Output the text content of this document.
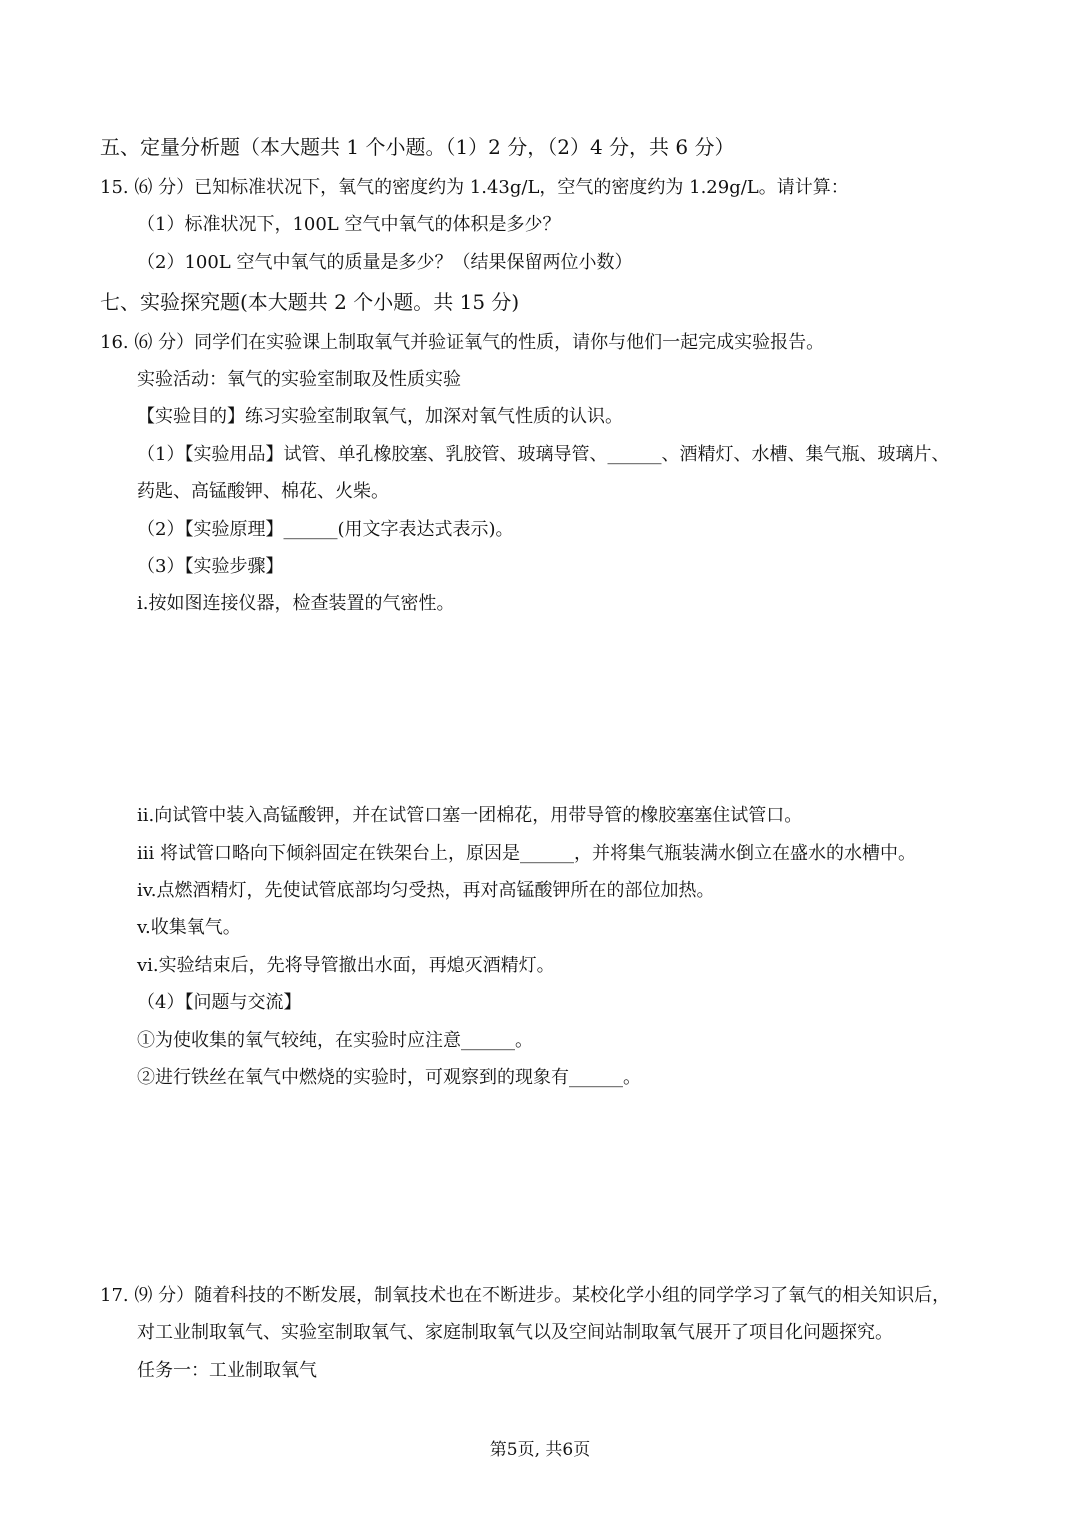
五、定量分析题（本大题共 1 个小题。（1）2 分，（2）4 分，共 6 分）
15. ⑹ 分）已知标准状况下，氧气的密度约为 1.43g/L，空气的密度约为 1.29g/L。请计算：
（1）标准状况下，100L 空气中氧气的体积是多少？
（2）100L 空气中氧气的质量是多少？（结果保留两位小数）
七、实验探究题(本大题共 2 个小题。共 15 分)
16. ⑹ 分）同学们在实验课上制取氧气并验证氧气的性质，请你与他们一起完成实验报告。
实验活动：氧气的实验室制取及性质实验
【实验目的】练习实验室制取氧气，加深对氧气性质的认识。
（1）【实验用品】试管、单孔橡胶塞、乳胶管、玻璃导管、______、酒精灯、水槽、集气瓶、玻璃片、
药匙、高锰酸钾、棉花、火柴。
（2）【实验原理】______(用文字表达式表示)。
（3）【实验步骤】
i.按如图连接仪器，检查装置的气密性。
ii.向试管中装入高锰酸钾，并在试管口塞一团棉花，用带导管的橡胶塞塞住试管口。
iii 将试管口略向下倾斜固定在铁架台上，原因是______，并将集气瓶装满水倒立在盛水的水槽中。
iv.点燃酒精灯，先使试管底部均匀受热，再对高锰酸钾所在的部位加热。
v.收集氧气。
vi.实验结束后，先将导管撤出水面，再熄灭酒精灯。
（4）【问题与交流】
①为使收集的氧气较纯，在实验时应注意______。
②进行铁丝在氧气中燃烧的实验时，可观察到的现象有______。
17. ⑼ 分）随着科技的不断发展，制氧技术也在不断进步。某校化学小组的同学学习了氧气的相关知识后，
对工业制取氧气、实验室制取氧气、家庭制取氧气以及空间站制取氧气展开了项目化问题探究。
任务一：工业制取氧气
第5页, 共6页
